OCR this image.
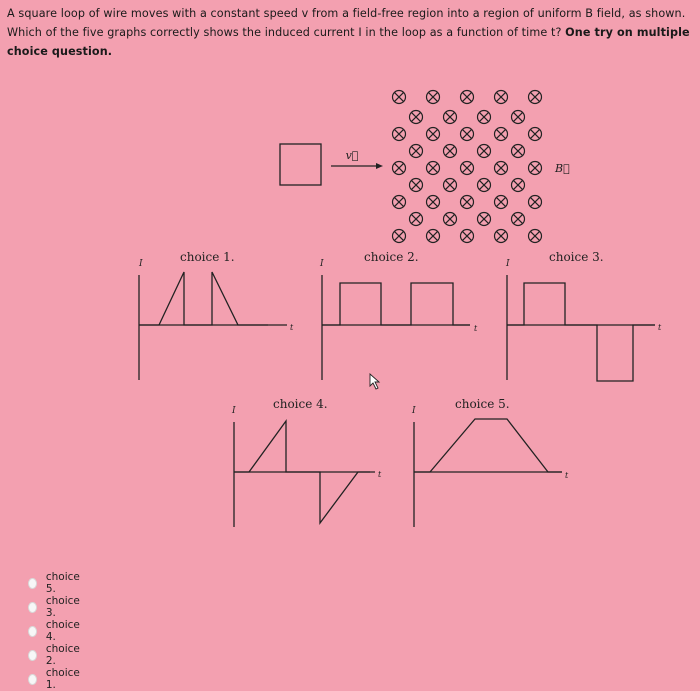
A square loop of wire moves with a constant speed v from a field-free region into a region of uniform B field, as shown. Which of the five graphs correctly shows the induced current I in the loop as a function of time t? One try on multiple choice question.
v⃗
B⃗
choice 1.	choice 2.	choice 3.
choice 4.	choice 5.
I
t
I
t
I
t
I
t
I
t
choice 5.
choice 3.
choice 4.
choice 2.
choice 1.
